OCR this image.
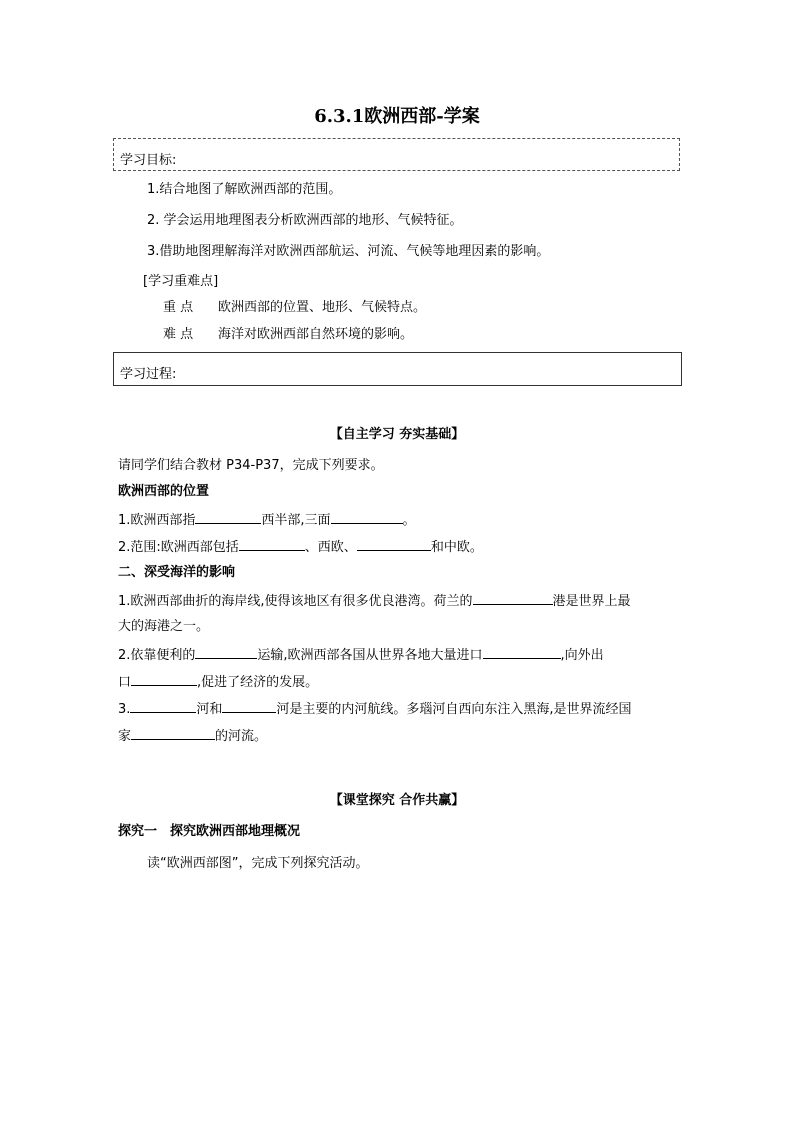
6.3.1欧洲西部-学案
学习目标:
1.结合地图了解欧洲西部的范围。
2. 学会运用地理图表分析欧洲西部的地形、气候特征。
3.借助地图理解海洋对欧洲西部航运、河流、气候等地理因素的影响。
[学习重难点]
重 点 欧洲西部的位置、地形、气候特点。
难 点 海洋对欧洲西部自然环境的影响。
学习过程:
【自主学习 夯实基础】
请同学们结合教材 P34-P37，完成下列要求。
欧洲西部的位置
1.欧洲西部指	西半部,三面	。
2.范围:欧洲西部包括	、西欧、	和中欧。
二、深受海洋的影响
1.欧洲西部曲折的海岸线,使得该地区有很多优良港湾。荷兰的	港是世界上最
大的海港之一。
2.依靠便利的	运输,欧洲西部各国从世界各地大量进口	,向外出
口	,促进了经济的发展。
3.	河和	河是主要的内河航线。多瑙河自西向东注入黑海,是世界流经国
家	的河流。
【课堂探究 合作共赢】
探究一　探究欧洲西部地理概况
读“欧洲西部图”，完成下列探究活动。
